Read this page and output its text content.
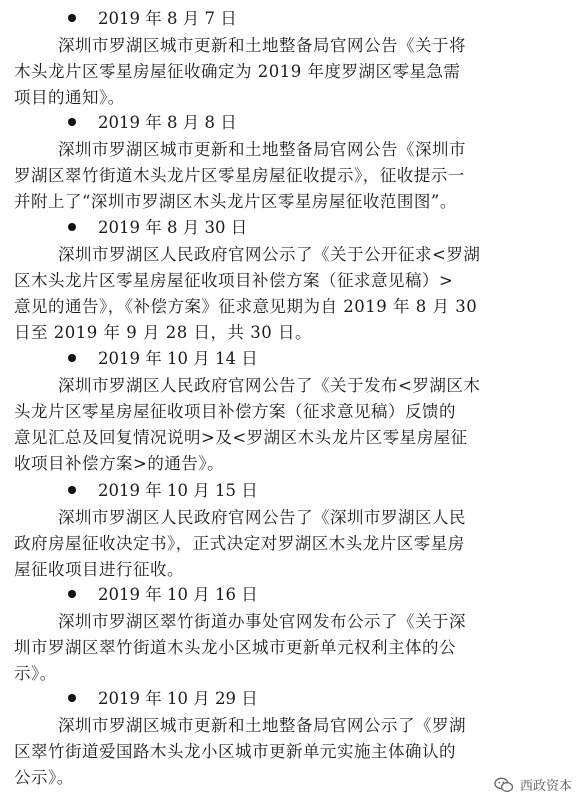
2019 年 8 月 7 日
深圳市罗湖区城市更新和土地整备局官网公告《关于将
木头龙片区零星房屋征收确定为 2019 年度罗湖区零星急需
项目的通知》。
2019 年 8 月 8 日
深圳市罗湖区城市更新和土地整备局官网公告《深圳市
罗湖区翠竹街道木头龙片区零星房屋征收提示》，征收提示一
并附上了“深圳市罗湖区木头龙片区零星房屋征收范围图”。
2019 年 8 月 30 日
深圳市罗湖区人民政府官网公示了《关于公开征求<罗湖
区木头龙片区零星房屋征收项目补偿方案（征求意见稿）>
意见的通告》，《补偿方案》征求意见期为自 2019 年 8 月 30
日至 2019 年 9 月 28 日，共 30 日。
2019 年 10 月 14 日
深圳市罗湖区人民政府官网公告了《关于发布<罗湖区木
头龙片区零星房屋征收项目补偿方案（征求意见稿）反馈的
意见汇总及回复情况说明>及<罗湖区木头龙片区零星房屋征
收项目补偿方案>的通告》。
2019 年 10 月 15 日
深圳市罗湖区人民政府官网公告了《深圳市罗湖区人民
政府房屋征收决定书》，正式决定对罗湖区木头龙片区零星房
屋征收项目进行征收。
2019 年 10 月 16 日
深圳市罗湖区翠竹街道办事处官网发布公示了《关于深
圳市罗湖区翠竹街道木头龙小区城市更新单元权利主体的公
示》。
2019 年 10 月 29 日
深圳市罗湖区城市更新和土地整备局官网公示了《罗湖
区翠竹街道爱国路木头龙小区城市更新单元实施主体确认的
公示》。	西政资本
